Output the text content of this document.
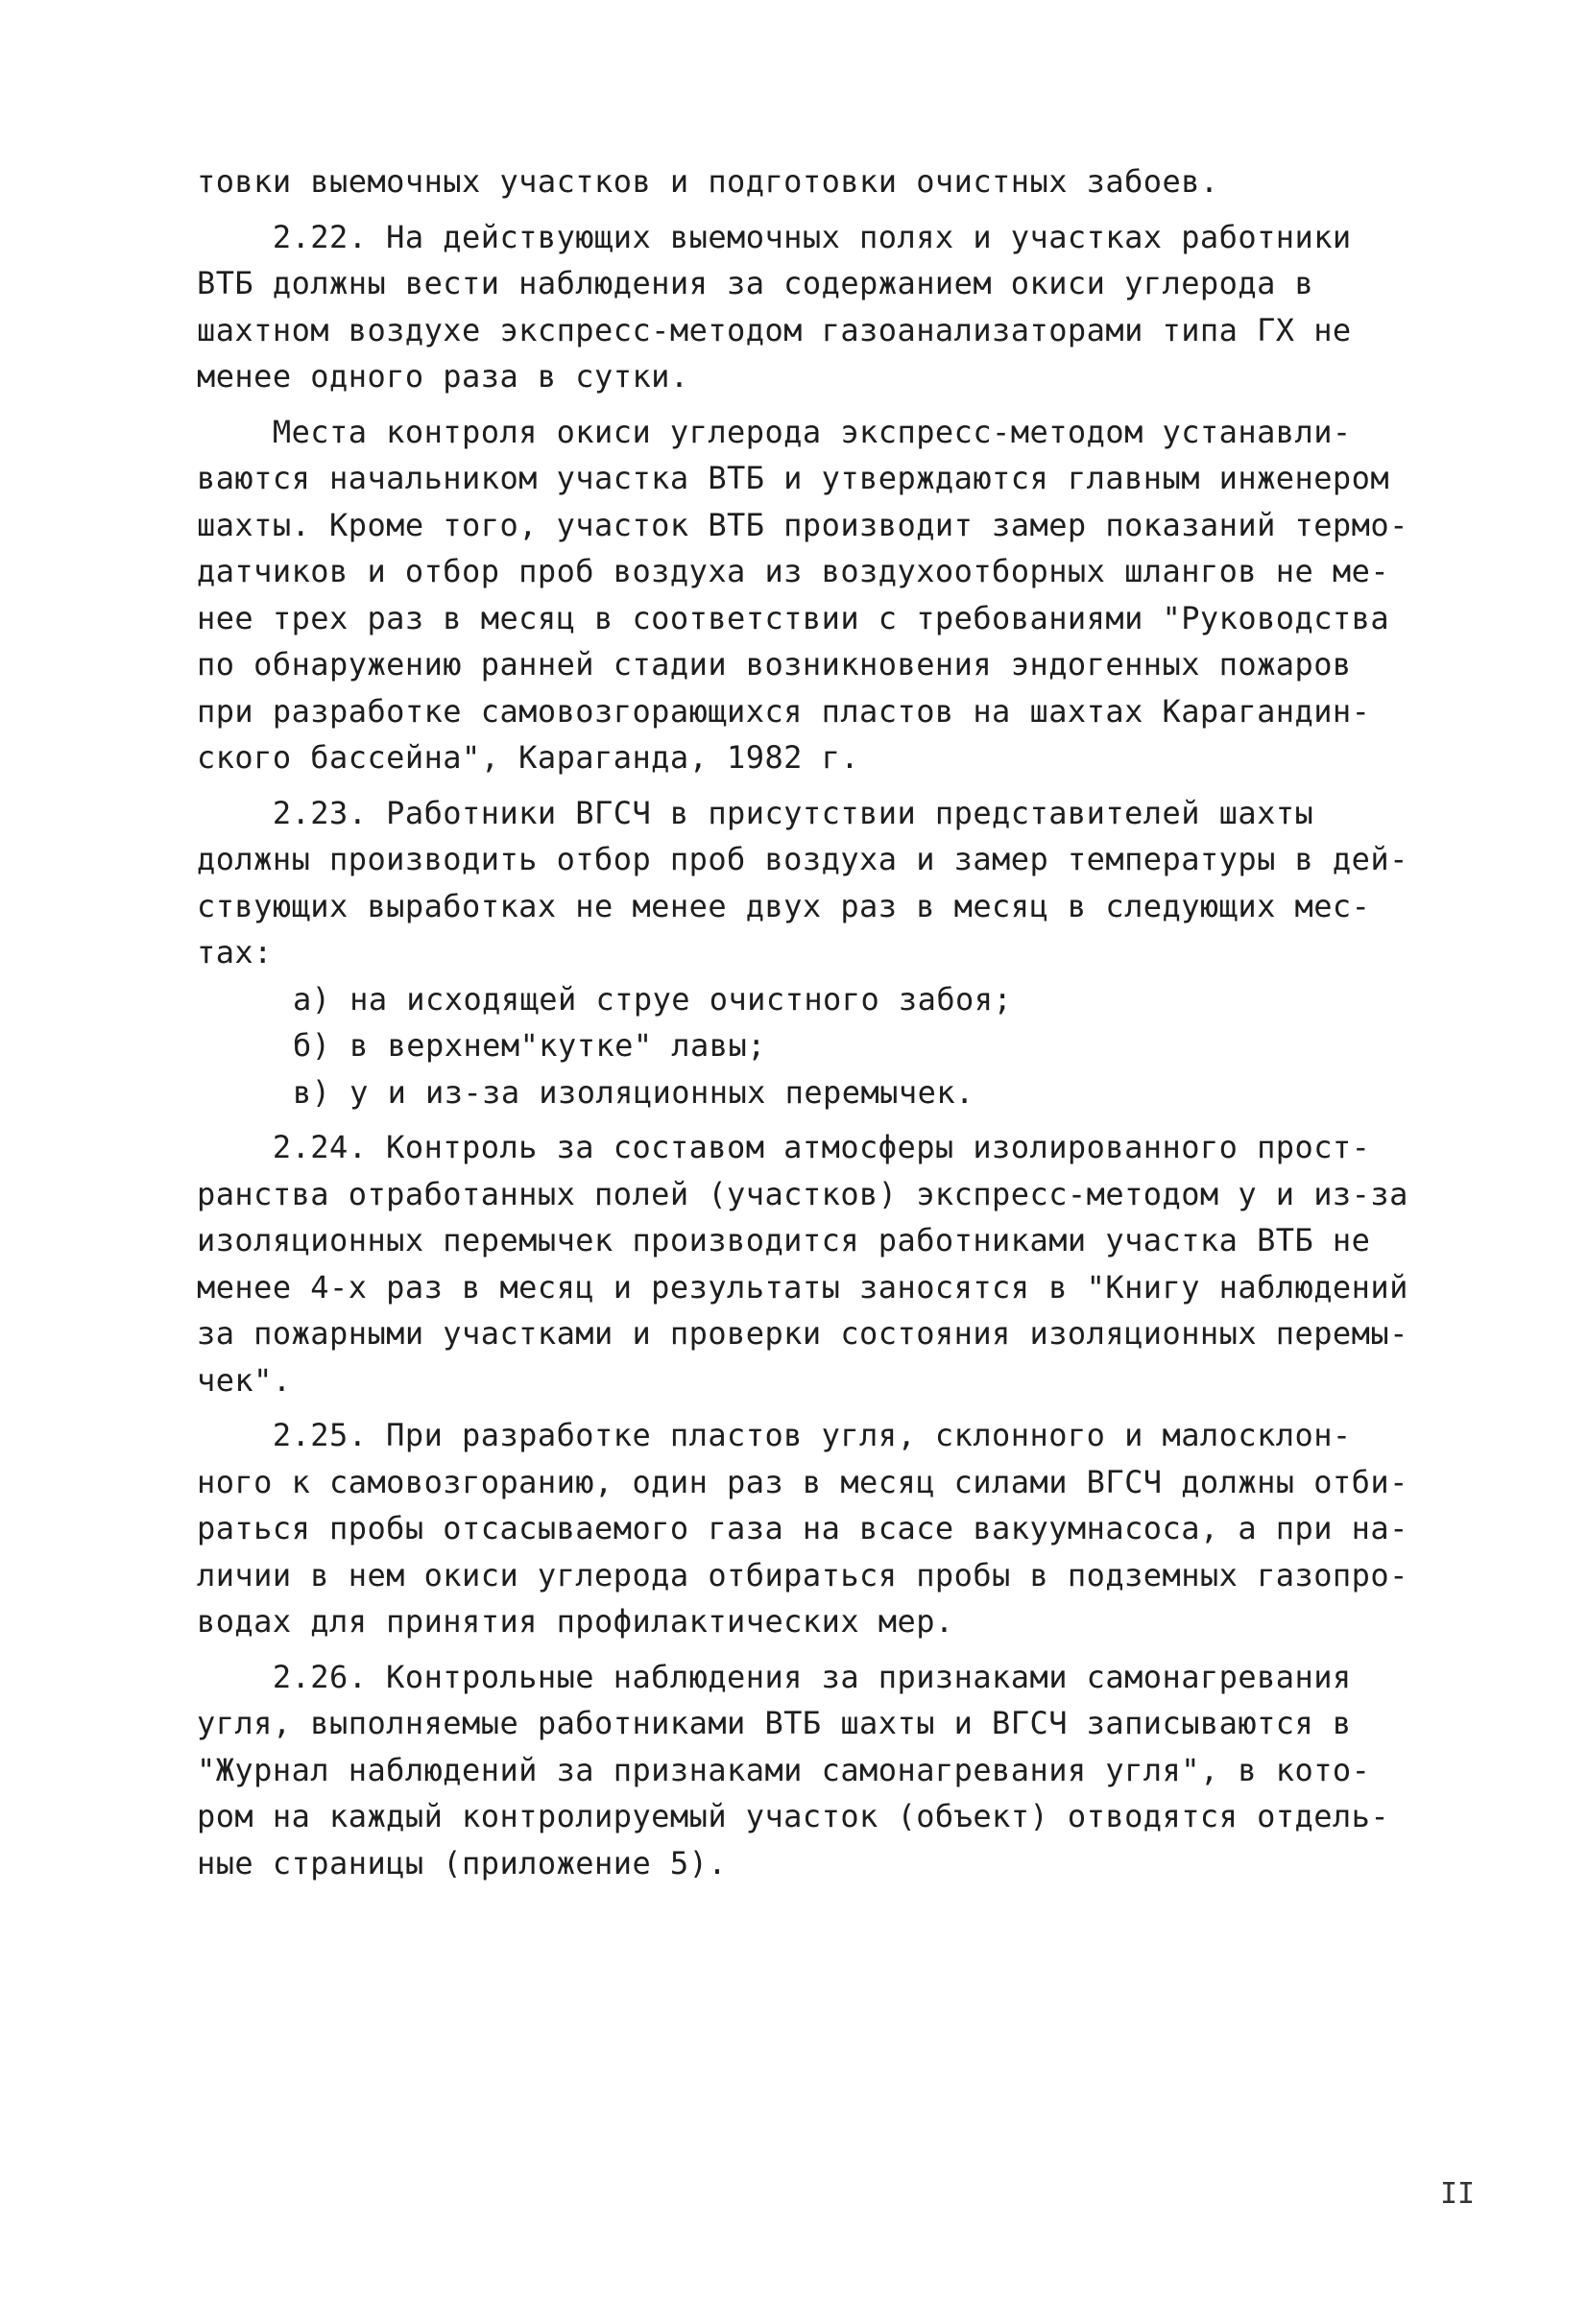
товки выемочных участков и подготовки очистных забоев.
2.22. На действующих выемочных полях и участках работники
ВТБ должны вести наблюдения за содержанием окиси углерода в
шахтном воздухе экспресс-методом газоанализаторами типа ГХ не
менее одного раза в сутки.
Места контроля окиси углерода экспресс-методом устанавли-
ваются начальником участка ВТБ и утверждаются главным инженером
шахты. Кроме того, участок ВТБ производит замер показаний термо-
датчиков и отбор проб воздуха из воздухоотборных шлангов не ме-
нее трех раз в месяц в соответствии с требованиями "Руководства
по обнаружению ранней стадии возникновения эндогенных пожаров
при разработке самовозгорающихся пластов на шахтах Карагандин-
ского бассейна", Караганда, 1982 г.
2.23. Работники ВГСЧ в присутствии представителей шахты
должны производить отбор проб воздуха и замер температуры в дей-
ствующих выработках не менее двух раз в месяц в следующих мес-
тах:
а) на исходящей струе очистного забоя;
б) в верхнем"кутке" лавы;
в) у и из-за изоляционных перемычек.
2.24. Контроль за составом атмосферы изолированного прост-
ранства отработанных полей (участков) экспресс-методом у и из-за
изоляционных перемычек производится работниками участка ВТБ не
менее 4-х раз в месяц и результаты заносятся в "Книгу наблюдений
за пожарными участками и проверки состояния изоляционных перемы-
чек".
2.25. При разработке пластов угля, склонного и малосклон-
ного к самовозгоранию, один раз в месяц силами ВГСЧ должны отби-
раться пробы отсасываемого газа на всасе вакуумнасоса, а при на-
личии в нем окиси углерода отбираться пробы в подземных газопро-
водах для принятия профилактических мер.
2.26. Контрольные наблюдения за признаками самонагревания
угля, выполняемые работниками ВТБ шахты и ВГСЧ записываются в
"Журнал наблюдений за признаками самонагревания угля", в кото-
ром на каждый контролируемый участок (объект) отводятся отдель-
ные страницы (приложение 5).
II
